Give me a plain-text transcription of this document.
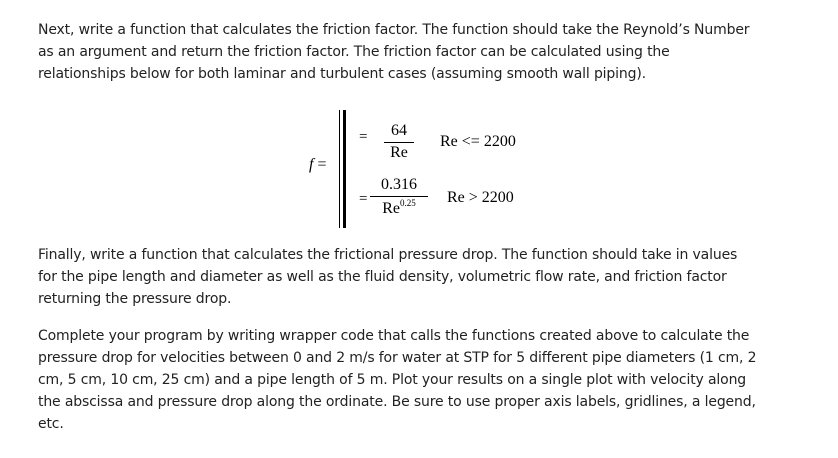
Next, write a function that calculates the friction factor. The function should take the Reynold’s Number
as an argument and return the friction factor. The friction factor can be calculated using the
relationships below for both laminar and turbulent cases (assuming smooth wall piping).
f =
=	64
Re
Re <= 2200
=
0.316
$Re^{0.25}$	Re > 2200
Finally, write a function that calculates the frictional pressure drop. The function should take in values
for the pipe length and diameter as well as the fluid density, volumetric flow rate, and friction factor
returning the pressure drop.
Complete your program by writing wrapper code that calls the functions created above to calculate the
pressure drop for velocities between 0 and 2 m/s for water at STP for 5 different pipe diameters (1 cm, 2
cm, 5 cm, 10 cm, 25 cm) and a pipe length of 5 m. Plot your results on a single plot with velocity along
the abscissa and pressure drop along the ordinate. Be sure to use proper axis labels, gridlines, a legend,
etc.
